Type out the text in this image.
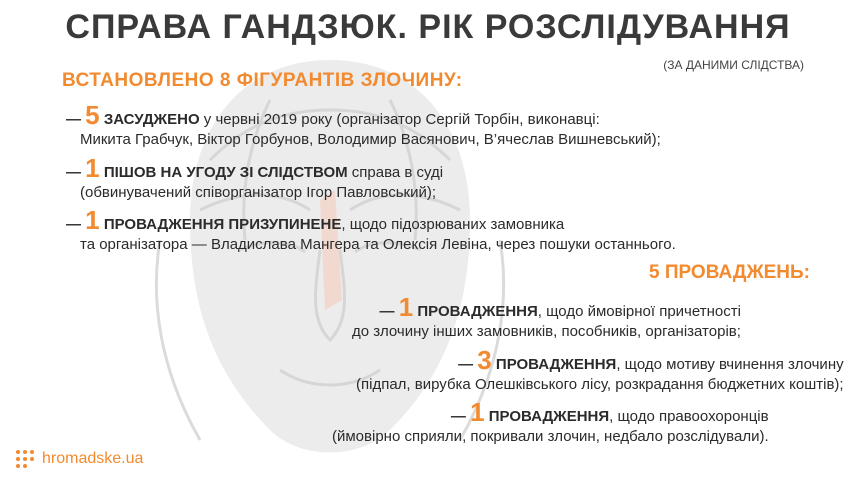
СПРАВА ГАНДЗЮК. РІК РОЗСЛІДУВАННЯ
(ЗА ДАНИМИ СЛІДСТВА)
ВСТАНОВЛЕНО 8 ФІГУРАНТІВ ЗЛОЧИНУ:
— 5 ЗАСУДЖЕНО у червні 2019 року (організатор Сергій Торбін, виконавці:
Микита Грабчук, Віктор Горбунов, Володимир Васянович, В’ячеслав Вишневський);
— 1 ПІШОВ НА УГОДУ ЗІ СЛІДСТВОМ справа в суді
(обвинувачений співорганізатор Ігор Павловський);
— 1 ПРОВАДЖЕННЯ ПРИЗУПИНЕНЕ, щодо підозрюваних замовника
та організатора — Владислава Мангера та Олексія Левіна, через пошуки останнього.
5 ПРОВАДЖЕНЬ:
— 1 ПРОВАДЖЕННЯ, щодо ймовірної причетності
до злочину інших замовників, пособників, організаторів;
— 3 ПРОВАДЖЕННЯ, щодо мотиву вчинення злочину
(підпал, вирубка Олешківського лісу, розкрадання бюджетних коштів);
— 1 ПРОВАДЖЕННЯ, щодо правоохоронців
(ймовірно сприяли, покривали злочин, недбало розслідували).
hromadske.ua
